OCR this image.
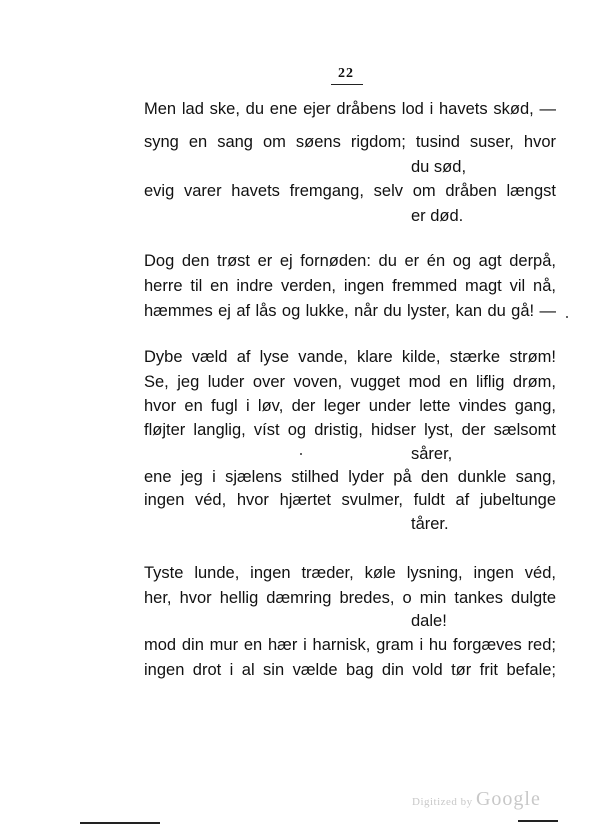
22
Men lad ske, du ene ejer dråbens lod i havets skød, —
syng en sang om søens rigdom; tusind suser, hvor
du sød,
evig varer havets fremgang, selv om dråben længst
er død.
Dog den trøst er ej fornøden: du er én og agt derpå,
herre til en indre verden, ingen fremmed magt vil nå,
hæmmes ej af lås og lukke, når du lyster, kan du gå! —
Dybe væld af lyse vande, klare kilde, stærke strøm!
Se, jeg luder over voven, vugget mod en liflig drøm,
hvor en fugl i løv, der leger under lette vindes gang,
fløjter langlig, víst og dristig, hidser lyst, der sælsomt
sårer,
ene jeg i sjælens stilhed lyder på den dunkle sang,
ingen véd, hvor hjærtet svulmer, fuldt af jubeltunge
tårer.
Tyste lunde, ingen træder, køle lysning, ingen véd,
her, hvor hellig dæmring bredes, o min tankes dulgte
dale!
mod din mur en hær i harnisk, gram i hu forgæves red;
ingen drot i al sin vælde bag din vold tør frit befale;
Digitized by Google
